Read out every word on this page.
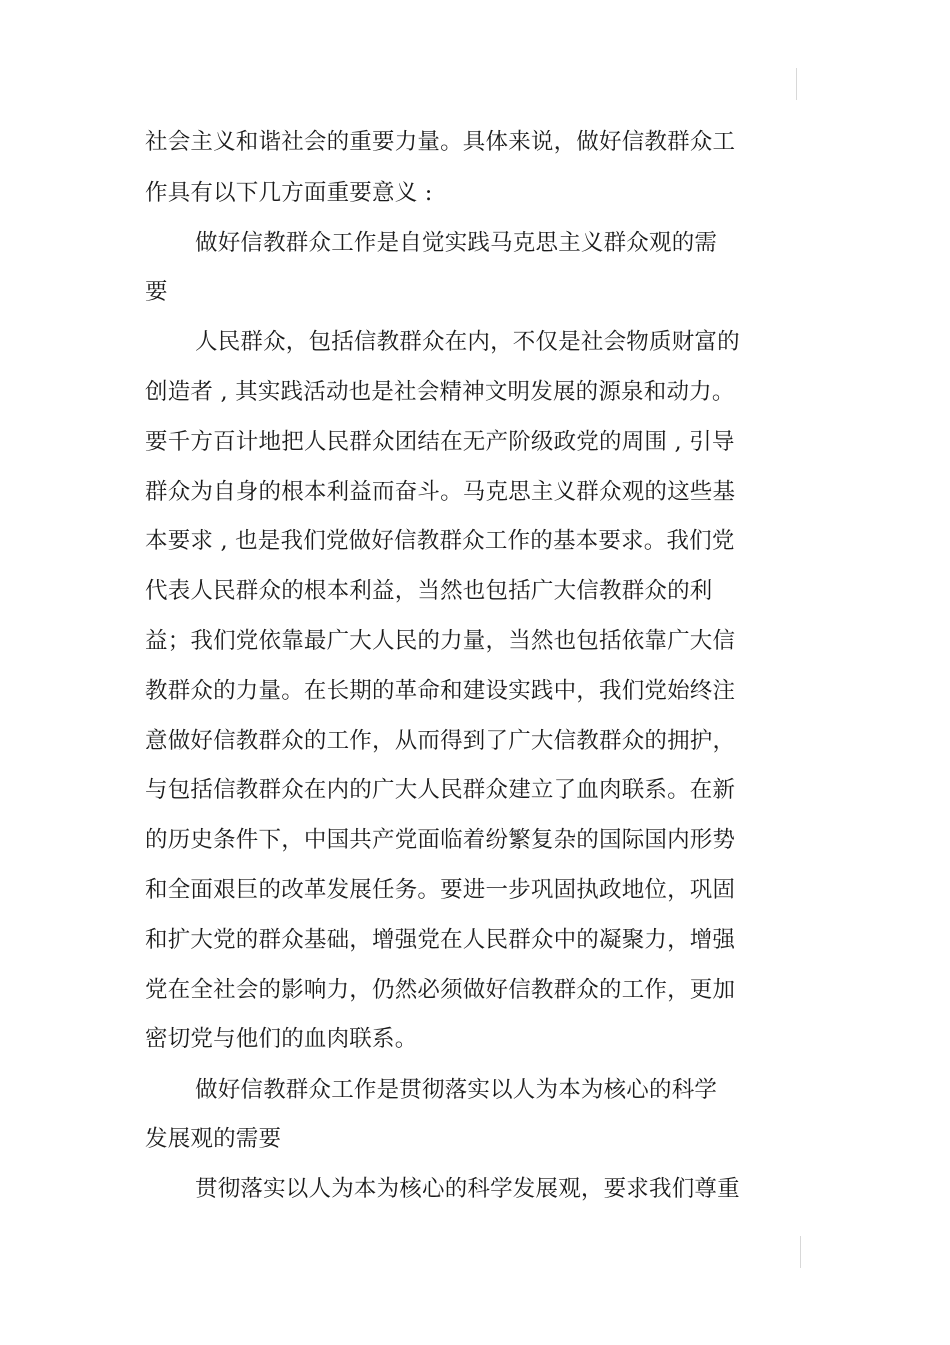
社会主义和谐社会的重要力量。具体来说，做好信教群众工
作具有以下几方面重要意义 :
做好信教群众工作是自觉实践马克思主义群众观的需
要
人民群众，包括信教群众在内，不仅是社会物质财富的
创造者 , 其实践活动也是社会精神文明发展的源泉和动力。
要千方百计地把人民群众团结在无产阶级政党的周围 , 引导
群众为自身的根本利益而奋斗。马克思主义群众观的这些基
本要求 , 也是我们党做好信教群众工作的基本要求。我们党
代表人民群众的根本利益，当然也包括广大信教群众的利
益；我们党依靠最广大人民的力量，当然也包括依靠广大信
教群众的力量。在长期的革命和建设实践中，我们党始终注
意做好信教群众的工作，从而得到了广大信教群众的拥护，
与包括信教群众在内的广大人民群众建立了血肉联系。在新
的历史条件下，中国共产党面临着纷繁复杂的国际国内形势
和全面艰巨的改革发展任务。要进一步巩固执政地位，巩固
和扩大党的群众基础，增强党在人民群众中的凝聚力，增强
党在全社会的影响力，仍然必须做好信教群众的工作，更加
密切党与他们的血肉联系。
做好信教群众工作是贯彻落实以人为本为核心的科学
发展观的需要
贯彻落实以人为本为核心的科学发展观，要求我们尊重
